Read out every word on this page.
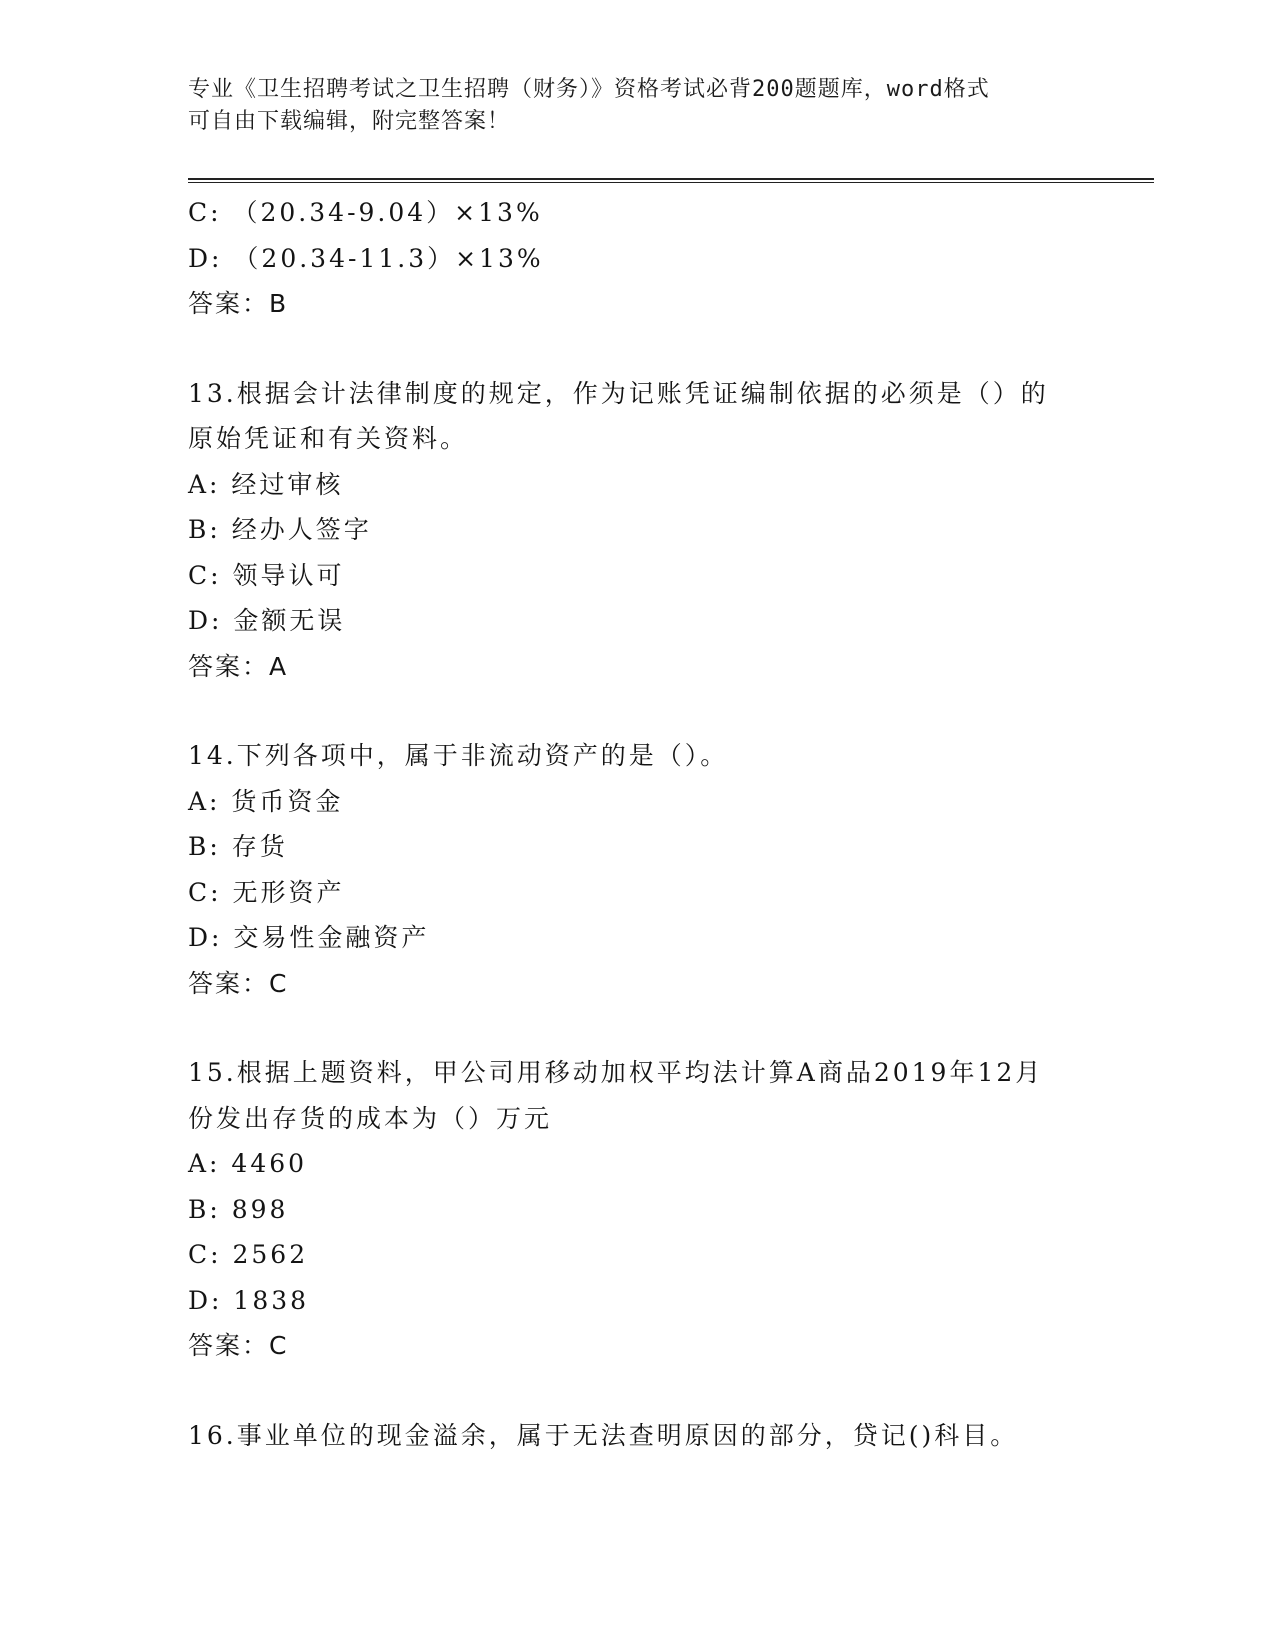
专业《卫生招聘考试之卫生招聘（财务）》资格考试必背200题题库，word格式
可自由下载编辑，附完整答案！
C: （20.34-9.04）×13%
D: （20.34-11.3）×13%
答案：B
13.根据会计法律制度的规定，作为记账凭证编制依据的必须是（）的
原始凭证和有关资料。
A: 经过审核
B: 经办人签字
C: 领导认可
D: 金额无误
答案：A
14.下列各项中，属于非流动资产的是（）。
A: 货币资金
B: 存货
C: 无形资产
D: 交易性金融资产
答案：C
15.根据上题资料，甲公司用移动加权平均法计算A商品2019年12月
份发出存货的成本为（）万元
A: 4460
B: 898
C: 2562
D: 1838
答案：C
16.事业单位的现金溢余，属于无法查明原因的部分，贷记()科目。
